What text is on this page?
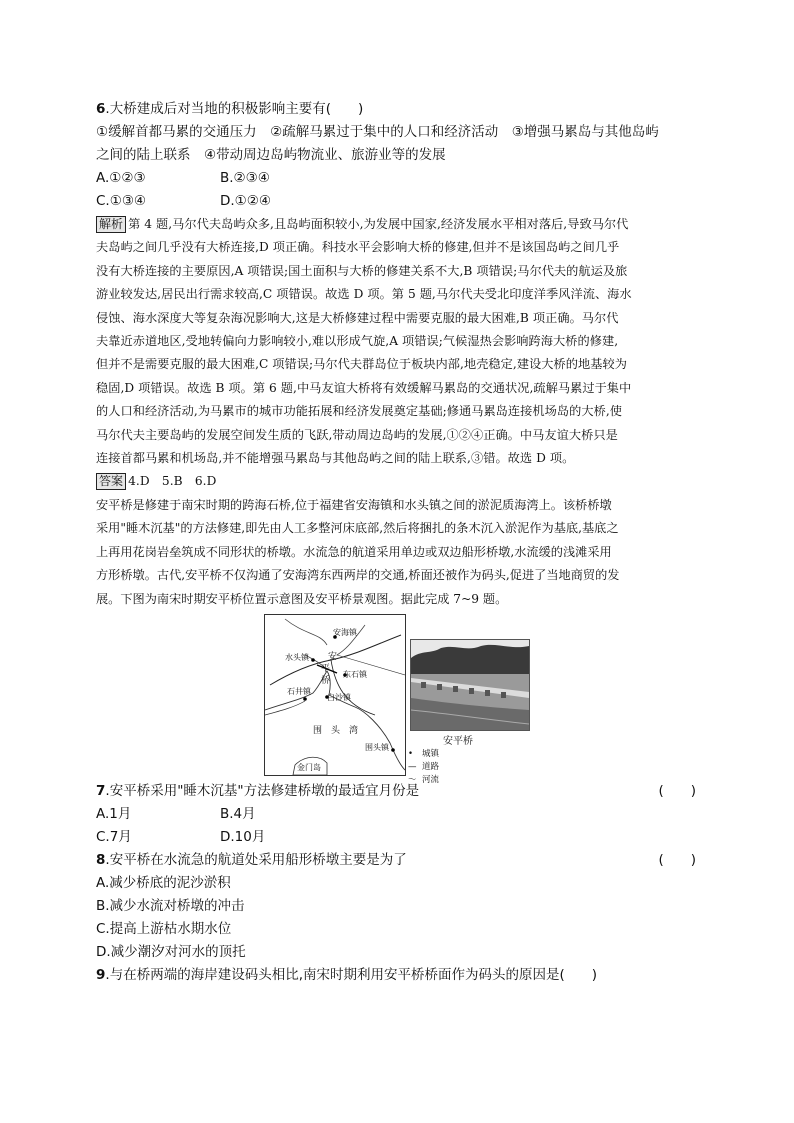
6.大桥建成后对当地的积极影响主要有(　　)
①缓解首都马累的交通压力　②疏解马累过于集中的人口和经济活动　③增强马累岛与其他岛屿
之间的陆上联系　④带动周边岛屿物流业、旅游业等的发展
A.①②③	B.②③④
C.①③④	D.①②④

解析 第 4 题,马尔代夫岛屿众多,且岛屿面积较小,为发展中国家,经济发展水平相对落后,导致马尔代

夫岛屿之间几乎没有大桥连接,D 项正确。科技水平会影响大桥的修建,但并不是该国岛屿之间几乎

没有大桥连接的主要原因,A 项错误;国土面积与大桥的修建关系不大,B 项错误;马尔代夫的航运及旅

游业较发达,居民出行需求较高,C 项错误。故选 D 项。第 5 题,马尔代夫受北印度洋季风洋流、海水

侵蚀、海水深度大等复杂海况影响大,这是大桥修建过程中需要克服的最大困难,B 项正确。马尔代

夫靠近赤道地区,受地转偏向力影响较小,难以形成气旋,A 项错误;气候湿热会影响跨海大桥的修建,

但并不是需要克服的最大困难,C 项错误;马尔代夫群岛位于板块内部,地壳稳定,建设大桥的地基较为

稳固,D 项错误。故选 B 项。第 6 题,中马友谊大桥将有效缓解马累岛的交通状况,疏解马累过于集中

的人口和经济活动,为马累市的城市功能拓展和经济发展奠定基础;修通马累岛连接机场岛的大桥,使

马尔代夫主要岛屿的发展空间发生质的飞跃,带动周边岛屿的发展,①②④正确。中马友谊大桥只是

连接首都马累和机场岛,并不能增强马累岛与其他岛屿之间的陆上联系,③错。故选 D 项。

答案 4.D　5.B　6.D

安平桥是修建于南宋时期的跨海石桥,位于福建省安海镇和水头镇之间的淤泥质海湾上。该桥桥墩

采用"睡木沉基"的方法修建,即先由人工多整河床底部,然后将捆扎的条木沉入淤泥作为基底,基底之

上再用花岗岩垒筑成不同形状的桥墩。水流急的航道采用单边或双边船形桥墩,水流缓的浅滩采用

方形桥墩。古代,安平桥不仅沟通了安海湾东西两岸的交通,桥面还被作为码头,促进了当地商贸的发

展。下图为南宋时期安平桥位置示意图及安平桥景观图。据此完成 7~9 题。

安海镇
水头镇 安
平
桥
东石镇
石井镇
白沙镇
围 头 湾
围头镇
金门岛
安平桥
• 城镇
— 道路
〜 河流
7.安平桥采用"睡木沉基"方法修建桥墩的最适宜月份是	(　　)
A.1月	B.4月
C.7月	D.10月
8.安平桥在水流急的航道处采用船形桥墩主要是为了	(　　)
A.减少桥底的泥沙淤积
B.减少水流对桥墩的冲击
C.提高上游枯水期水位
D.减少潮汐对河水的顶托
9.与在桥两端的海岸建设码头相比,南宋时期利用安平桥桥面作为码头的原因是(　　)
